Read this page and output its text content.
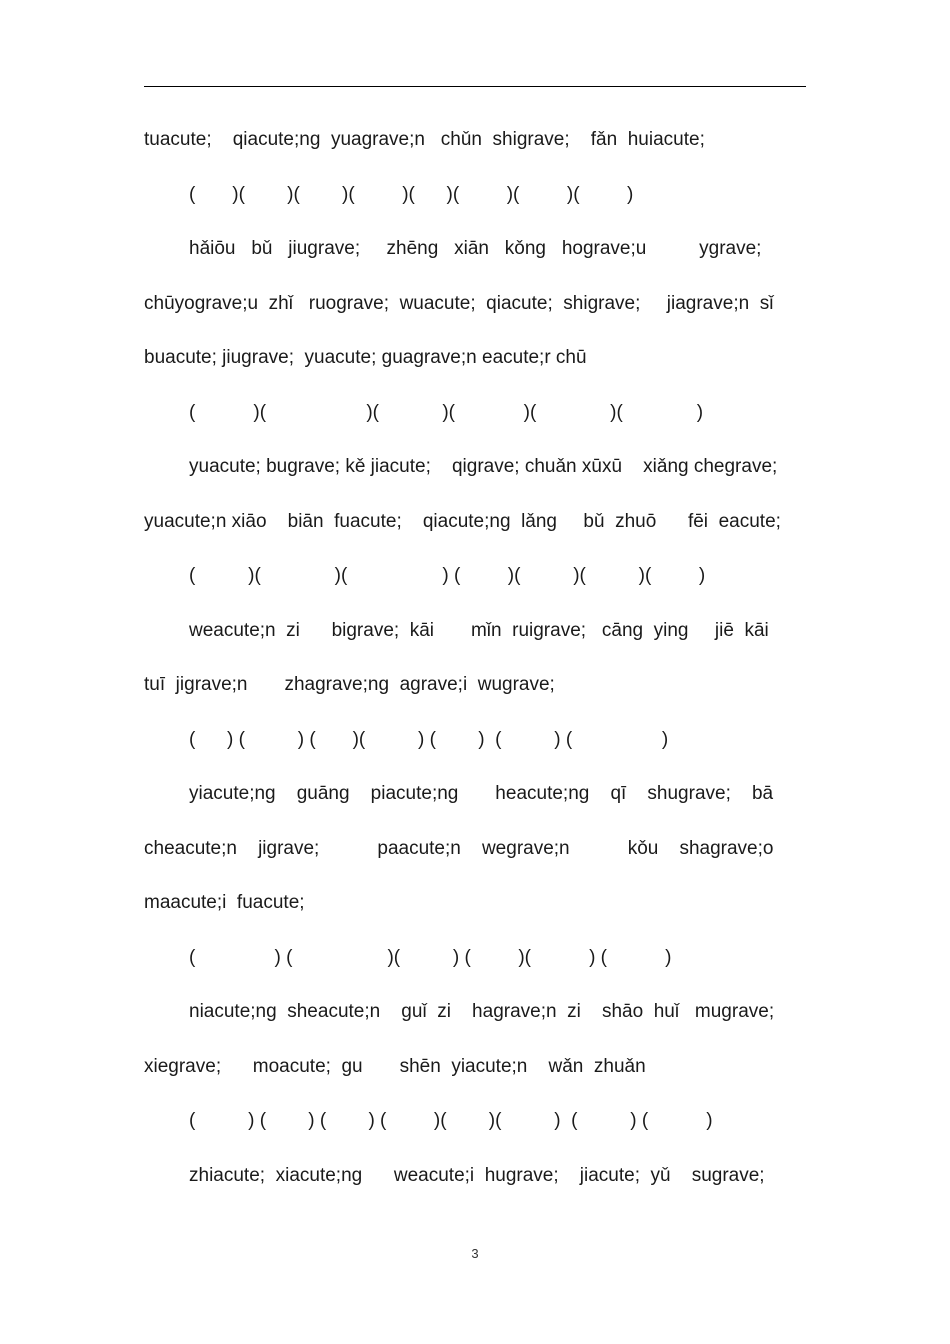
tuacute;    qiacute;ng  yuagrave;n   chǔn  shigrave;    fǎn  huiacute;
(       )(        )(        )(         )(      )(         )(         )(         )
hǎiōu   bǔ   jiugrave;     zhēng   xiān   kǒng   hograve;u          ygrave;
chūyograve;u  zhǐ   ruograve;  wuacute;  qiacute;  shigrave;     jiagrave;n  sǐ
buacute; jiugrave;  yuacute; guagrave;n eacute;r chū
(           )(                   )(            )(             )(              )(              )
yuacute; bugrave; kě jiacute;    qigrave; chuǎn xūxū    xiǎng chegrave;
yuacute;n xiāo    biān  fuacute;    qiacute;ng  lǎng     bǔ  zhuō      fēi  eacute;
(          )(              )(                  ) (         )(          )(          )(         )
weacute;n  zi      bigrave;  kāi       mǐn  ruigrave;   cāng  ying     jiē  kāi
tuī  jigrave;n       zhagrave;ng  agrave;i  wugrave;
(      ) (          ) (       )(          ) (        )  (          ) (                 )
yiacute;ng    guāng    piacute;ng       heacute;ng    qī    shugrave;    bā
cheacute;n    jigrave;           paacute;n    wegrave;n           kǒu    shagrave;o
maacute;i  fuacute;
(               ) (                  )(          ) (         )(           ) (           )
niacute;ng  sheacute;n    guǐ  zi    hagrave;n  zi    shāo  huǐ   mugrave;
xiegrave;      moacute;  gu       shēn  yiacute;n    wǎn  zhuǎn
(          ) (        ) (        ) (         )(        )(          )  (          ) (           )
zhiacute;  xiacute;ng      weacute;i  hugrave;    jiacute;  yǔ    sugrave;
3
